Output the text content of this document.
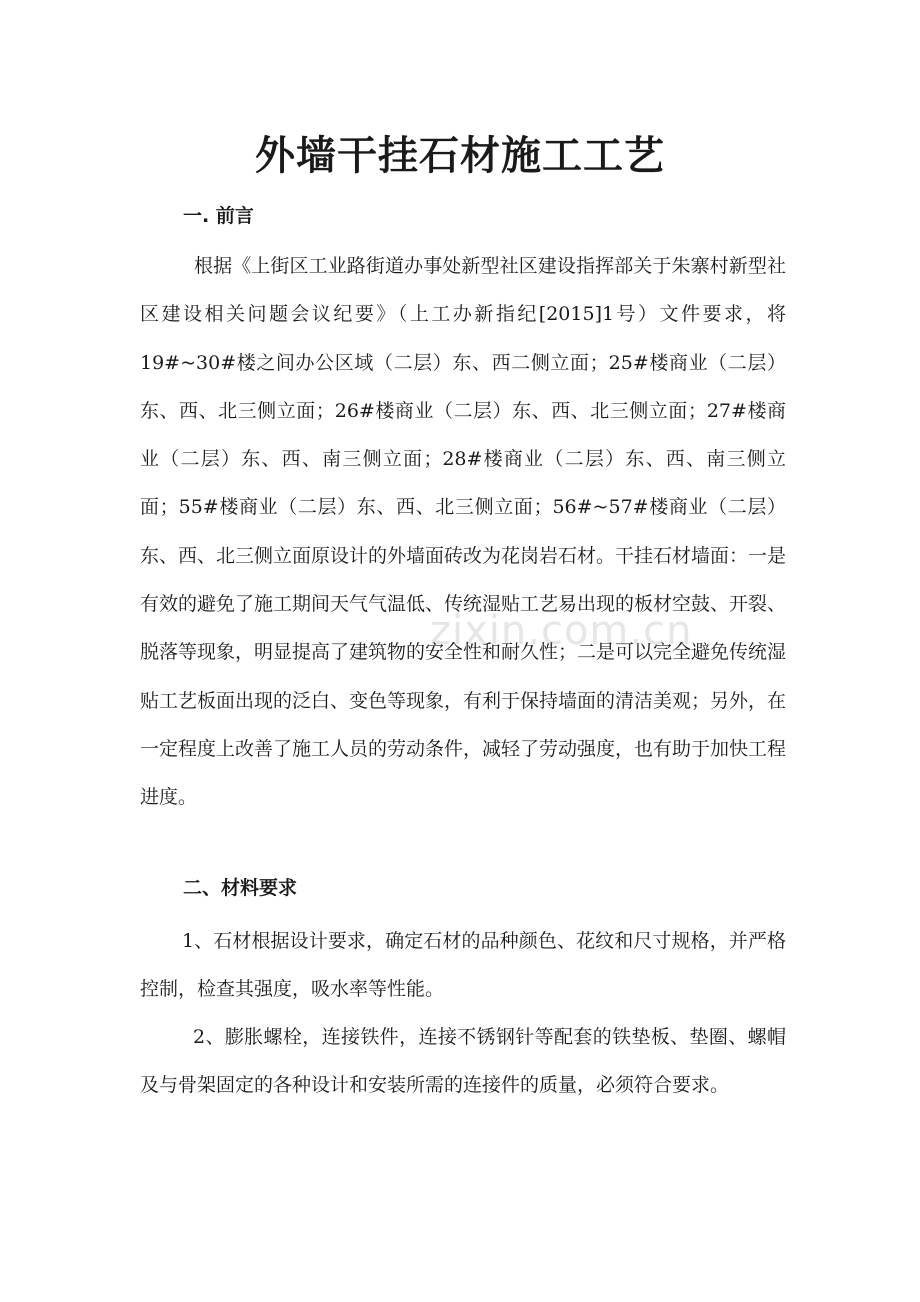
zixin.com.cn
外墙干挂石材施工工艺
一. 前言

根据《上街区工业路街道办事处新型社区建设指挥部关于朱寨村新型社区建设相关问题会议纪要》（上工办新指纪[2015]1号）文件要求，将 19#~30#楼之间办公区域（二层）东、西二侧立面；25#楼商业（二层）东、西、北三侧立面；26#楼商业（二层）东、西、北三侧立面；27#楼商业（二层）东、西、南三侧立面；28#楼商业（二层）东、西、南三侧立面；55#楼商业（二层）东、西、北三侧立面；56#~57#楼商业（二层）东、西、北三侧立面原设计的外墙面砖改为花岗岩石材。干挂石材墙面：一是有效的避免了施工期间天气气温低、传统湿贴工艺易出现的板材空鼓、开裂、脱落等现象，明显提高了建筑物的安全性和耐久性；二是可以完全避免传统湿贴工艺板面出现的泛白、变色等现象，有利于保持墙面的清洁美观；另外，在一定程度上改善了施工人员的劳动条件，减轻了劳动强度，也有助于加快工程进度。

二、材料要求

1、石材根据设计要求，确定石材的品种颜色、花纹和尺寸规格，并严格控制，检查其强度，吸水率等性能。

2、膨胀螺栓，连接铁件，连接不锈钢针等配套的铁垫板、垫圈、螺帽及与骨架固定的各种设计和安装所需的连接件的质量，必须符合要求。
